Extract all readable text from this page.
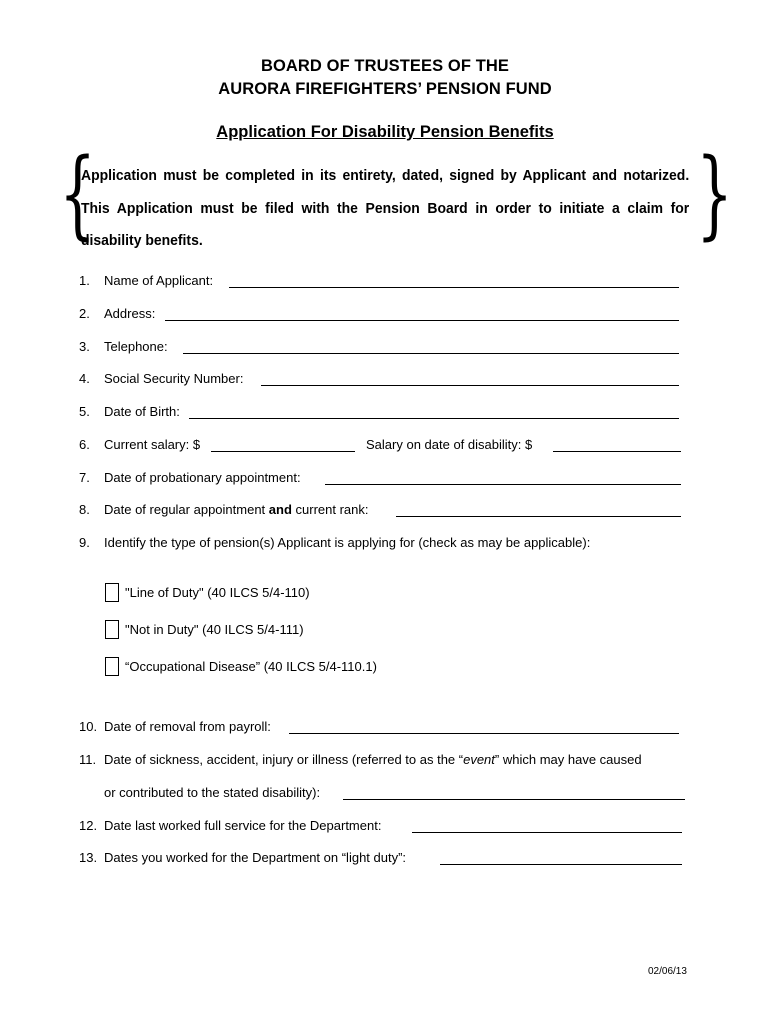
BOARD OF TRUSTEES OF THE
AURORA FIREFIGHTERS’ PENSION FUND
Application For Disability Pension Benefits
{
Application must be completed in its entirety, dated, signed by Applicant and notarized. This Application must be filed with the Pension Board in order to initiate a claim for disability benefits.	}
1. Name of Applicant:
2. Address:
3. Telephone:
4. Social Security Number:
5. Date of Birth:
6. Current salary: $	Salary on date of disability: $
7. Date of probationary appointment:
8. Date of regular appointment and current rank:
9. Identify the type of pension(s) Applicant is applying for (check as may be applicable):
"Line of Duty" (40 ILCS 5/4-110)
"Not in Duty" (40 ILCS 5/4-111)
“Occupational Disease” (40 ILCS 5/4-110.1)
10. Date of removal from payroll:
11. Date of sickness, accident, injury or illness (referred to as the “event” which may have caused
or contributed to the stated disability):
12. Date last worked full service for the Department:
13. Dates you worked for the Department on “light duty”:
02/06/13
